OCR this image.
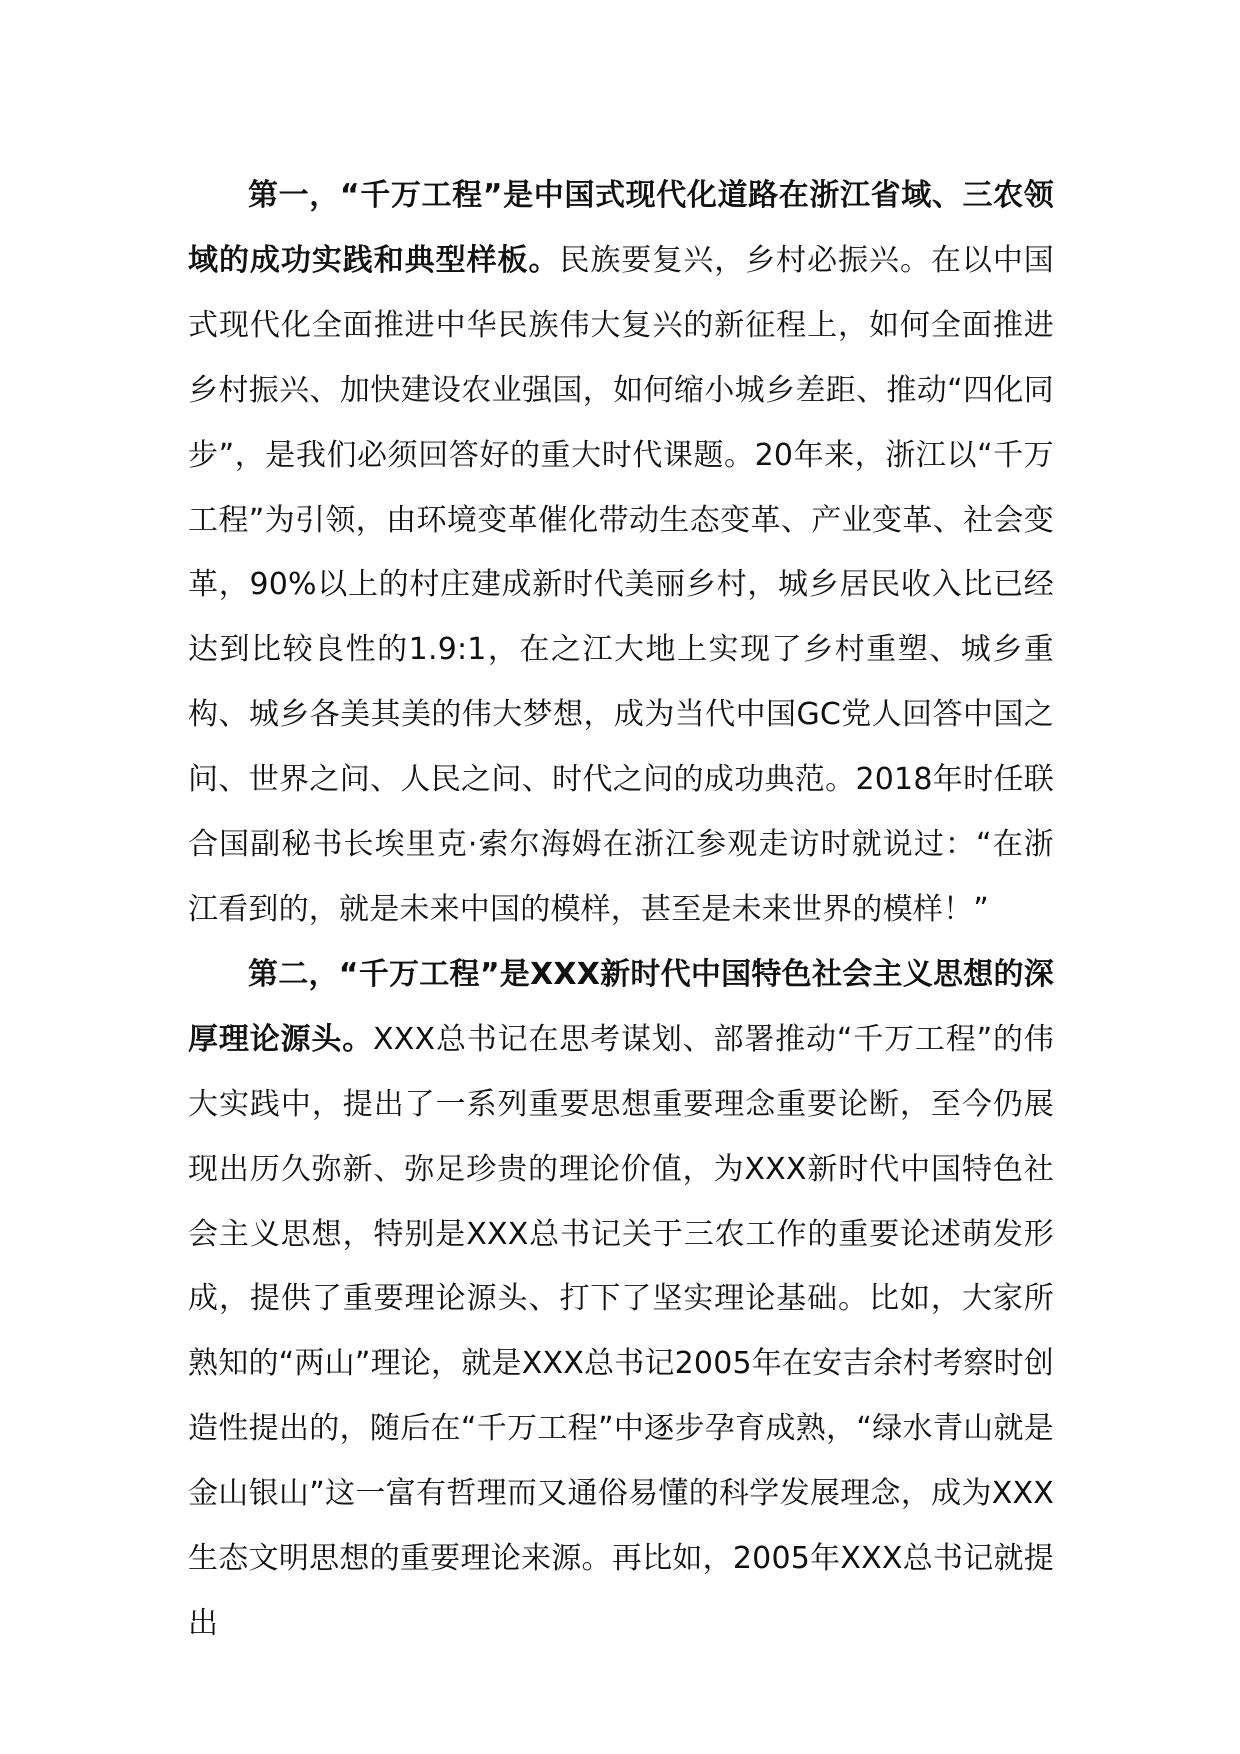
第一，“千万工程”是中国式现代化道路在浙江省域、三农领域的成功实践和典型样板。民族要复兴，乡村必振兴。在以中国式现代化全面推进中华民族伟大复兴的新征程上，如何全面推进乡村振兴、加快建设农业强国，如何缩小城乡差距、推动“四化同步”，是我们必须回答好的重大时代课题。20年来，浙江以“千万工程”为引领，由环境变革催化带动生态变革、产业变革、社会变革，90%以上的村庄建成新时代美丽乡村，城乡居民收入比已经达到比较良性的1.9:1，在之江大地上实现了乡村重塑、城乡重构、城乡各美其美的伟大梦想，成为当代中国GC党人回答中国之问、世界之问、人民之问、时代之问的成功典范。2018年时任联合国副秘书长埃里克·索尔海姆在浙江参观走访时就说过：“在浙江看到的，就是未来中国的模样，甚至是未来世界的模样！”

第二，“千万工程”是XXX新时代中国特色社会主义思想的深厚理论源头。XXX总书记在思考谋划、部署推动“千万工程”的伟大实践中，提出了一系列重要思想重要理念重要论断，至今仍展现出历久弥新、弥足珍贵的理论价值，为XXX新时代中国特色社会主义思想，特别是XXX总书记关于三农工作的重要论述萌发形成，提供了重要理论源头、打下了坚实理论基础。比如，大家所熟知的“两山”理论，就是XXX总书记2005年在安吉余村考察时创造性提出的，随后在“千万工程”中逐步孕育成熟，“绿水青山就是金山银山”这一富有哲理而又通俗易懂的科学发展理念，成为XXX生态文明思想的重要理论来源。再比如，2005年XXX总书记就提出
